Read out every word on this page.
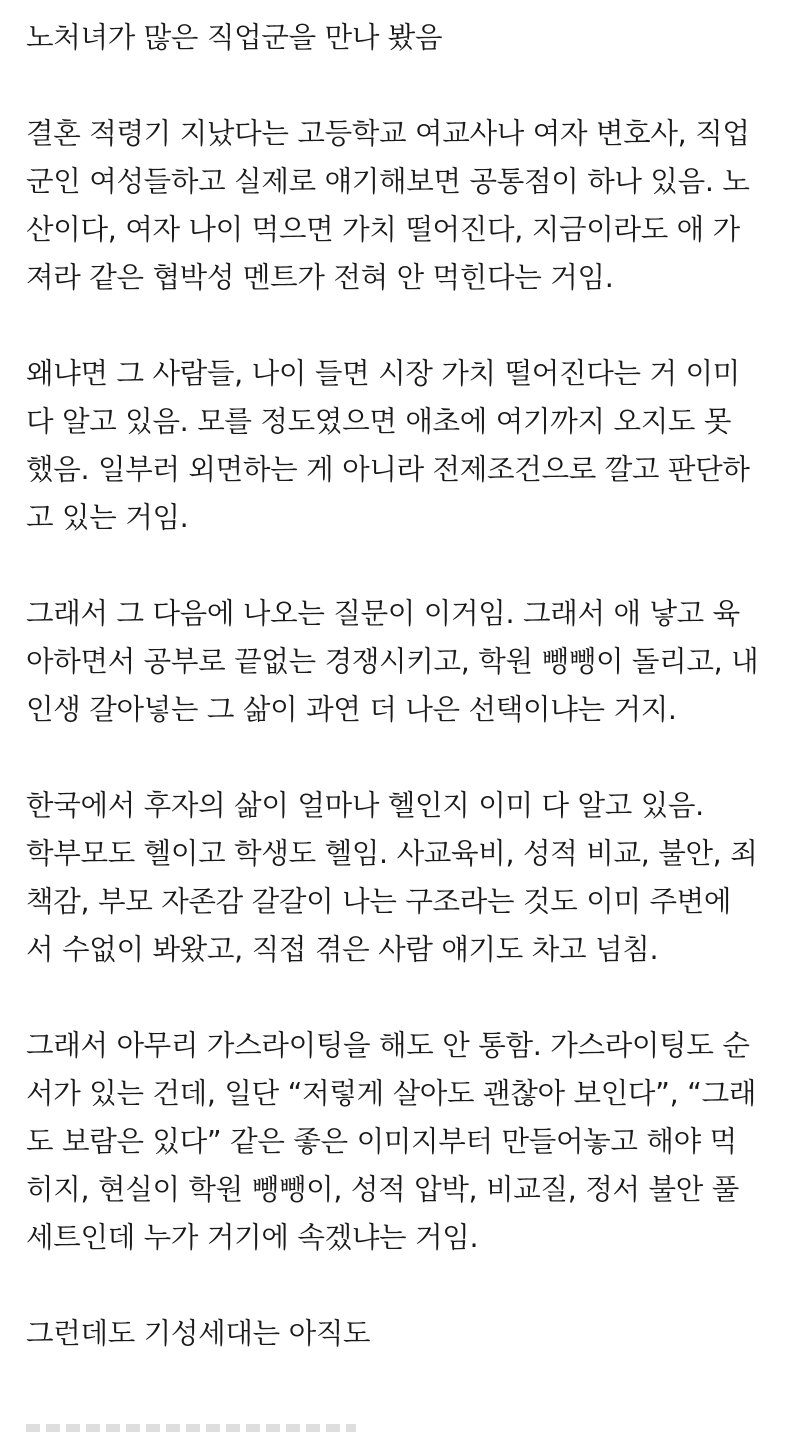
노처녀가 많은 직업군을 만나 봤음
결혼 적령기 지났다는 고등학교 여교사나 여자 변호사, 직업
군인 여성들하고 실제로 얘기해보면 공통점이 하나 있음. 노
산이다, 여자 나이 먹으면 가치 떨어진다, 지금이라도 애 가
져라 같은 협박성 멘트가 전혀 안 먹힌다는 거임.
왜냐면 그 사람들, 나이 들면 시장 가치 떨어진다는 거 이미
다 알고 있음. 모를 정도였으면 애초에 여기까지 오지도 못
했음. 일부러 외면하는 게 아니라 전제조건으로 깔고 판단하
고 있는 거임.
그래서 그 다음에 나오는 질문이 이거임. 그래서 애 낳고 육
아하면서 공부로 끝없는 경쟁시키고, 학원 뺑뺑이 돌리고, 내
인생 갈아넣는 그 삶이 과연 더 나은 선택이냐는 거지.
한국에서 후자의 삶이 얼마나 헬인지 이미 다 알고 있음.
학부모도 헬이고 학생도 헬임. 사교육비, 성적 비교, 불안, 죄
책감, 부모 자존감 갈갈이 나는 구조라는 것도 이미 주변에
서 수없이 봐왔고, 직접 겪은 사람 얘기도 차고 넘침.
그래서 아무리 가스라이팅을 해도 안 통함. 가스라이팅도 순
서가 있는 건데, 일단 “저렇게 살아도 괜찮아 보인다”, “그래
도 보람은 있다” 같은 좋은 이미지부터 만들어놓고 해야 먹
히지, 현실이 학원 뺑뺑이, 성적 압박, 비교질, 정서 불안 풀
세트인데 누가 거기에 속겠냐는 거임.
그런데도 기성세대는 아직도
